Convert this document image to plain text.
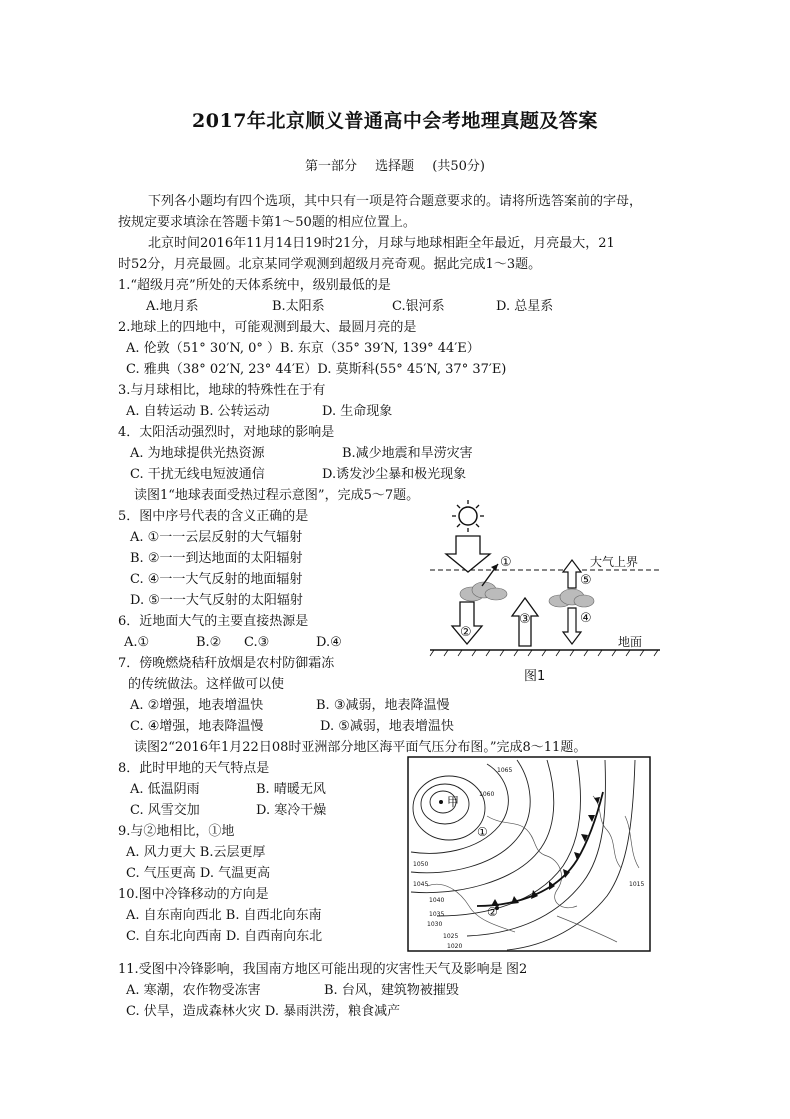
2017年北京顺义普通高中会考地理真题及答案
第一部分 选择题 (共50分)
下列各小题均有四个选项，其中只有一项是符合题意要求的。请将所选答案前的字母，
按规定要求填涂在答题卡第1～50题的相应位置上。
北京时间2016年11月14日19时21分，月球与地球相距全年最近，月亮最大，21
时52分，月亮最圆。北京某同学观测到超级月亮奇观。据此完成1～3题。
1.“超级月亮”所处的天体系统中，级别最低的是
A.地月系	B.太阳系	C.银河系	D. 总星系
2.地球上的四地中，可能观测到最大、最圆月亮的是
A. 伦敦（51° 30′N, 0° ）B. 东京（35° 39′N, 139° 44′E）
C. 雅典（38° 02′N, 23° 44′E）D. 莫斯科(55° 45′N, 37° 37′E)
3.与月球相比，地球的特殊性在于有
A. 自转运动 B. 公转运动	D. 生命现象
4．太阳活动强烈时，对地球的影响是
A. 为地球提供光热资源	B.减少地震和旱涝灾害
C. 干扰无线电短波通信	D.诱发沙尘暴和极光现象
读图1“地球表面受热过程示意图”，完成5～7题。
5．图中序号代表的含义正确的是
A. ①一一云层反射的大气辐射
B. ②一一到达地面的太阳辐射
C. ④一一大气反射的地面辐射
D. ⑤一一大气反射的太阳辐射
6．近地面大气的主要直接热源是
A.①	B.② C.③	D.④
7．傍晚燃烧秸秆放烟是农村防御霜冻
的传统做法。这样做可以使
A. ②增强，地表增温快	B. ③减弱，地表降温慢
C. ④增强，地表降温慢	D. ⑤减弱，地表增温快
读图2“2016年1月22日08时亚洲部分地区海平面气压分布图。”完成8～11题。
8．此时甲地的天气特点是
A. 低温阴雨	B. 晴暖无风
C. 风雪交加	D. 寒冷干燥
9.与②地相比，①地
A. 风力更大 B.云层更厚
C. 气压更高 D. 气温更高
10.图中冷锋移动的方向是
A. 自东南向西北 B. 自西北向东南
C. 自东北向西南 D. 自西南向东北
11.受图中冷锋影响，我国南方地区可能出现的灾害性天气及影响是
A. 寒潮，农作物受冻害	B. 台风，建筑物被摧毁
C. 伏旱，造成森林火灾 D. 暴雨洪涝，粮食减产
大气上界
①
②
③
⑤
④
地面
图1
甲
①
②
1065
1060
1050
1045
1040
1035
1030
1025
1020
1015
图2
